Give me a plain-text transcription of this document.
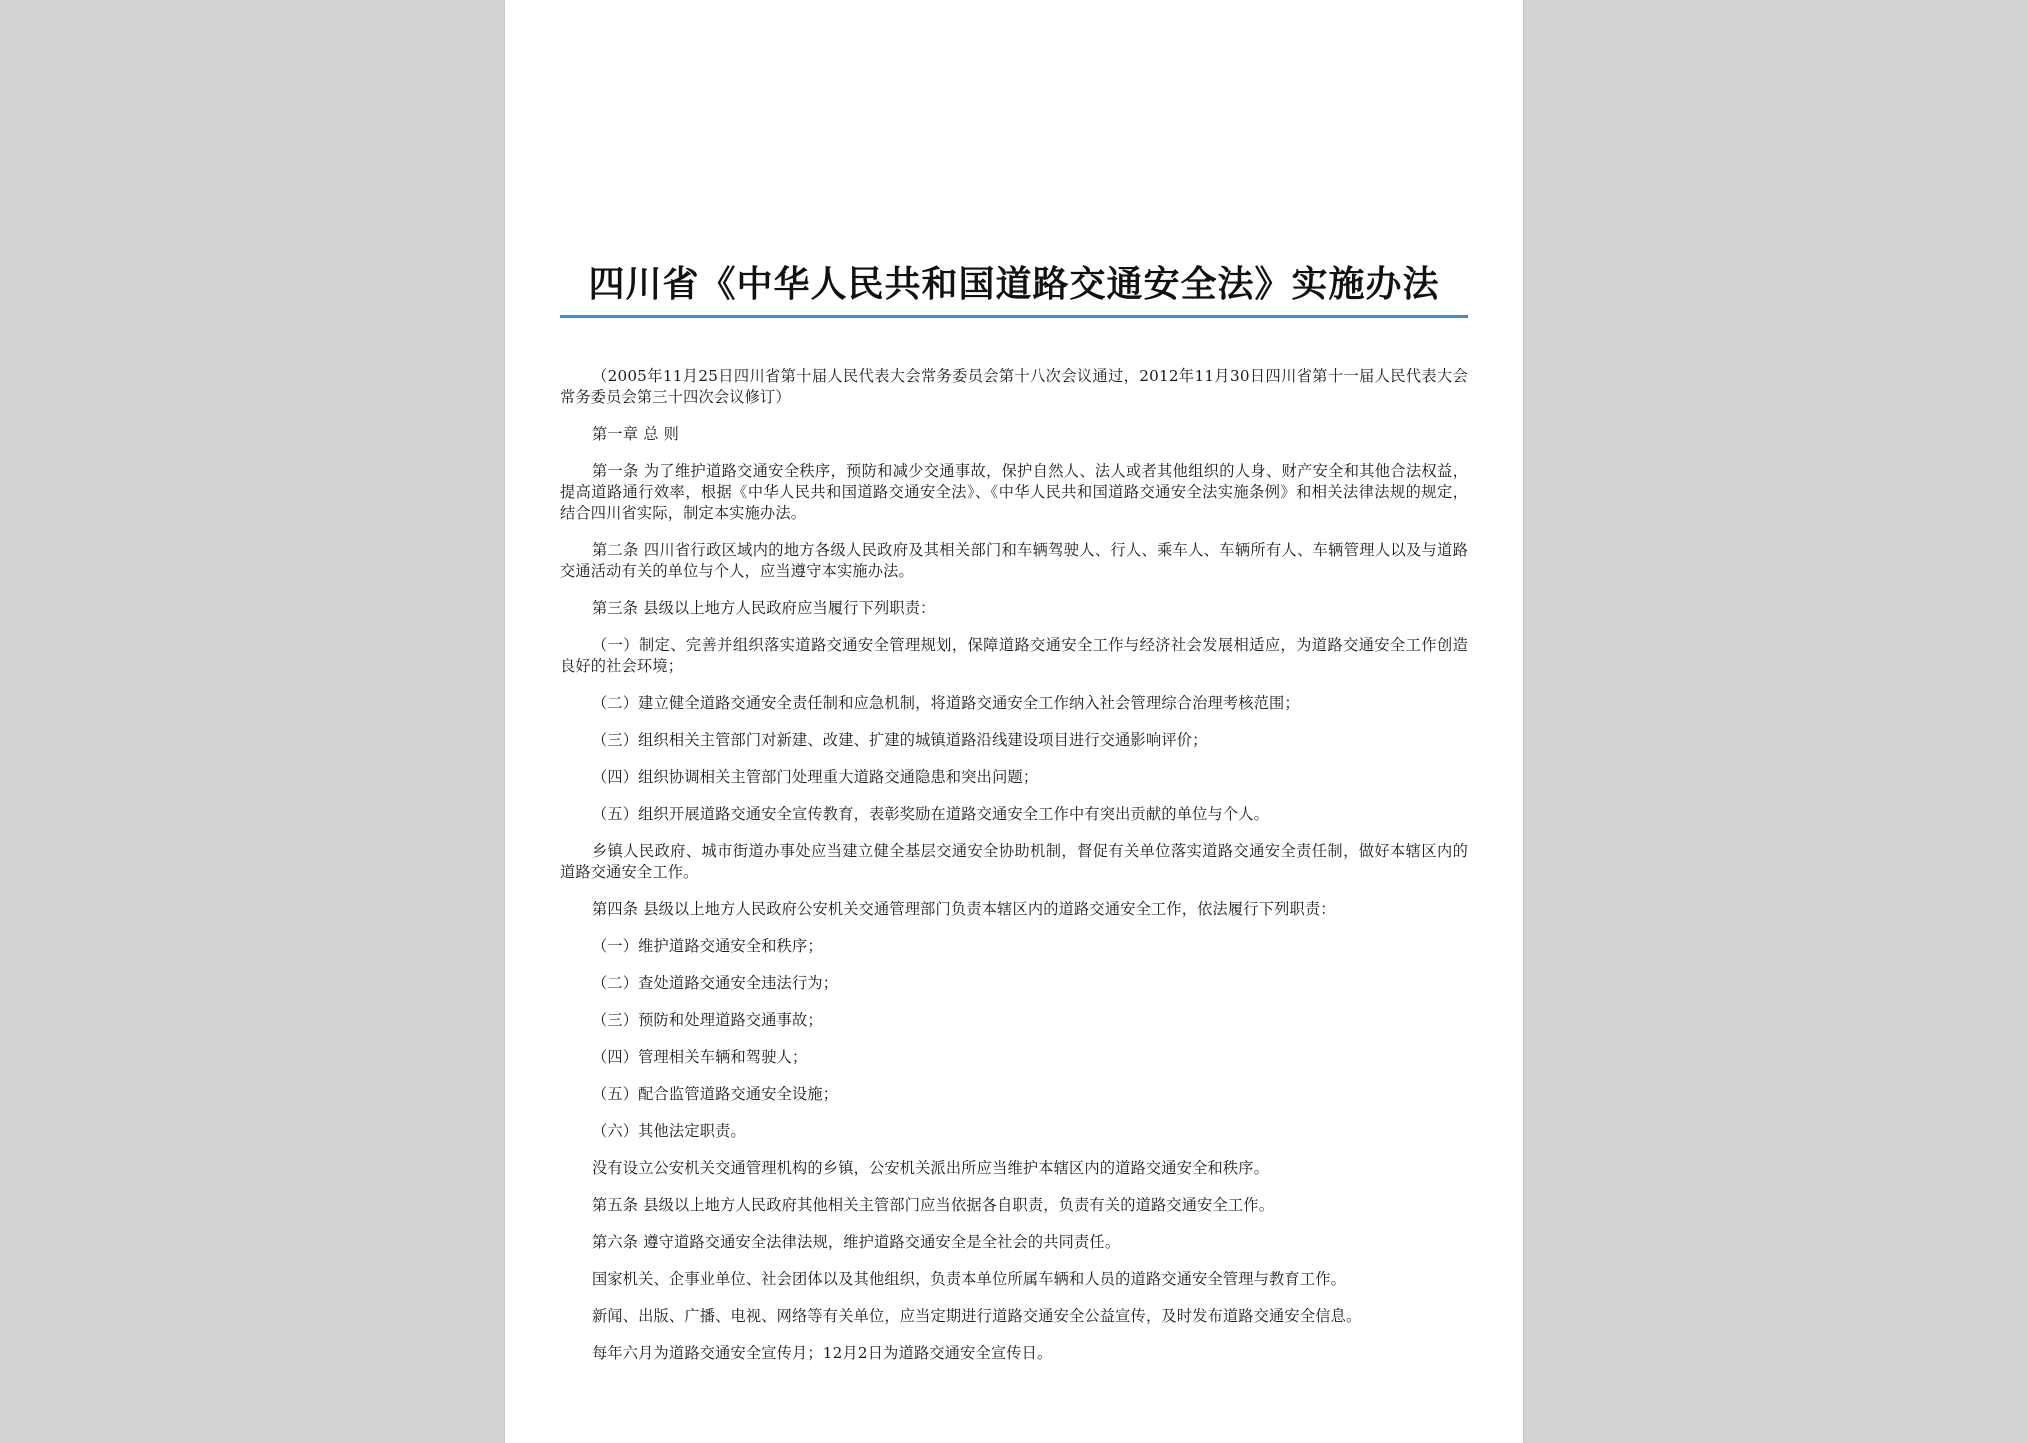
四川省《中华人民共和国道路交通安全法》实施办法

（2005年11月25日四川省第十届人民代表大会常务委员会第十八次会议通过，2012年11月30日四川省第十一届人民代表大会常务委员会第三十四次会议修订）

第一章 总 则

第一条 为了维护道路交通安全秩序，预防和减少交通事故，保护自然人、法人或者其他组织的人身、财产安全和其他合法权益，提高道路通行效率，根据《中华人民共和国道路交通安全法》、《中华人民共和国道路交通安全法实施条例》和相关法律法规的规定，结合四川省实际，制定本实施办法。

第二条 四川省行政区域内的地方各级人民政府及其相关部门和车辆驾驶人、行人、乘车人、车辆所有人、车辆管理人以及与道路交通活动有关的单位与个人，应当遵守本实施办法。

第三条 县级以上地方人民政府应当履行下列职责：

（一）制定、完善并组织落实道路交通安全管理规划，保障道路交通安全工作与经济社会发展相适应，为道路交通安全工作创造良好的社会环境；

（二）建立健全道路交通安全责任制和应急机制，将道路交通安全工作纳入社会管理综合治理考核范围；

（三）组织相关主管部门对新建、改建、扩建的城镇道路沿线建设项目进行交通影响评价；

（四）组织协调相关主管部门处理重大道路交通隐患和突出问题；

（五）组织开展道路交通安全宣传教育，表彰奖励在道路交通安全工作中有突出贡献的单位与个人。

乡镇人民政府、城市街道办事处应当建立健全基层交通安全协助机制，督促有关单位落实道路交通安全责任制，做好本辖区内的道路交通安全工作。

第四条 县级以上地方人民政府公安机关交通管理部门负责本辖区内的道路交通安全工作，依法履行下列职责：

（一）维护道路交通安全和秩序；

（二）查处道路交通安全违法行为；

（三）预防和处理道路交通事故；

（四）管理相关车辆和驾驶人；

（五）配合监管道路交通安全设施；

（六）其他法定职责。

没有设立公安机关交通管理机构的乡镇，公安机关派出所应当维护本辖区内的道路交通安全和秩序。

第五条 县级以上地方人民政府其他相关主管部门应当依据各自职责，负责有关的道路交通安全工作。

第六条 遵守道路交通安全法律法规，维护道路交通安全是全社会的共同责任。

国家机关、企事业单位、社会团体以及其他组织，负责本单位所属车辆和人员的道路交通安全管理与教育工作。

新闻、出版、广播、电视、网络等有关单位，应当定期进行道路交通安全公益宣传，及时发布道路交通安全信息。

每年六月为道路交通安全宣传月；12月2日为道路交通安全宣传日。
